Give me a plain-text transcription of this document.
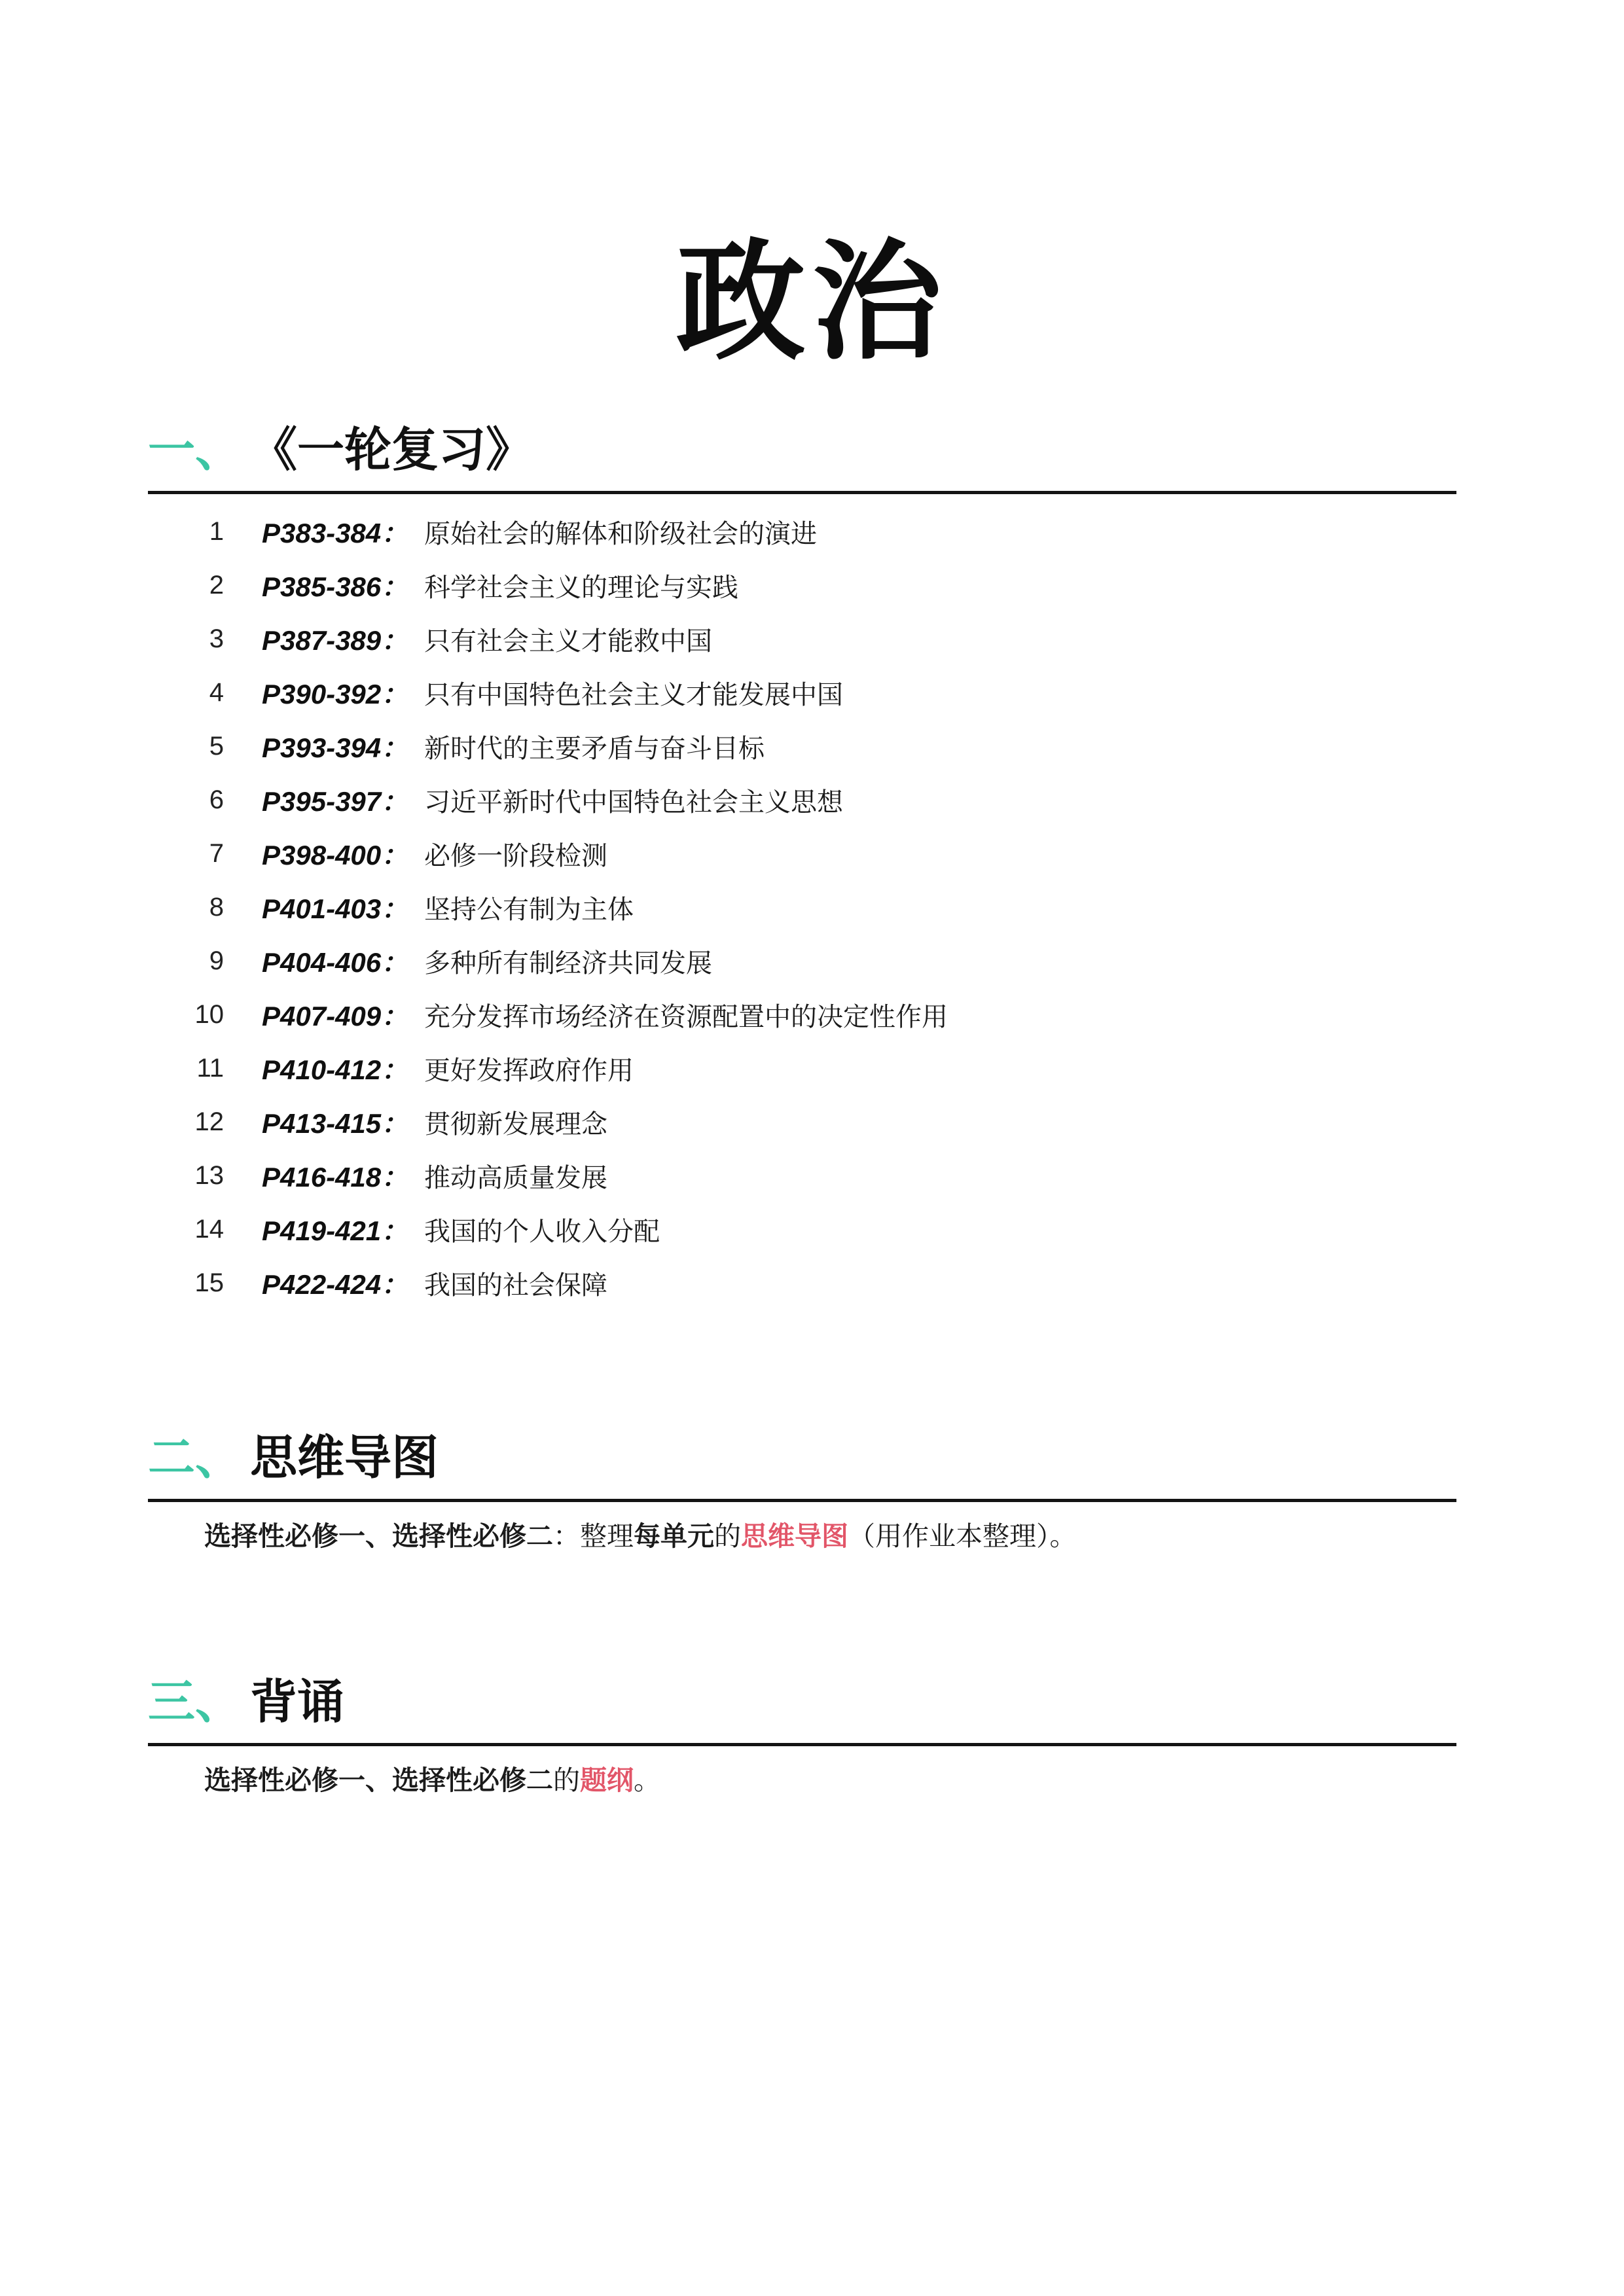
政治
一、 《一轮复习》
1 P383-384： 原始社会的解体和阶级社会的演进
2 P385-386： 科学社会主义的理论与实践
3 P387-389： 只有社会主义才能救中国
4 P390-392： 只有中国特色社会主义才能发展中国
5 P393-394： 新时代的主要矛盾与奋斗目标
6 P395-397： 习近平新时代中国特色社会主义思想
7 P398-400： 必修一阶段检测
8 P401-403： 坚持公有制为主体
9 P404-406： 多种所有制经济共同发展
10 P407-409： 充分发挥市场经济在资源配置中的决定性作用
11 P410-412： 更好发挥政府作用
12 P413-415： 贯彻新发展理念
13 P416-418： 推动高质量发展
14 P419-421： 我国的个人收入分配
15 P422-424： 我国的社会保障
二、 思维导图

选择性必修一、选择性必修二：整理每单元的思维导图（用作业本整理）。

三、 背诵

选择性必修一、选择性必修二的题纲。
